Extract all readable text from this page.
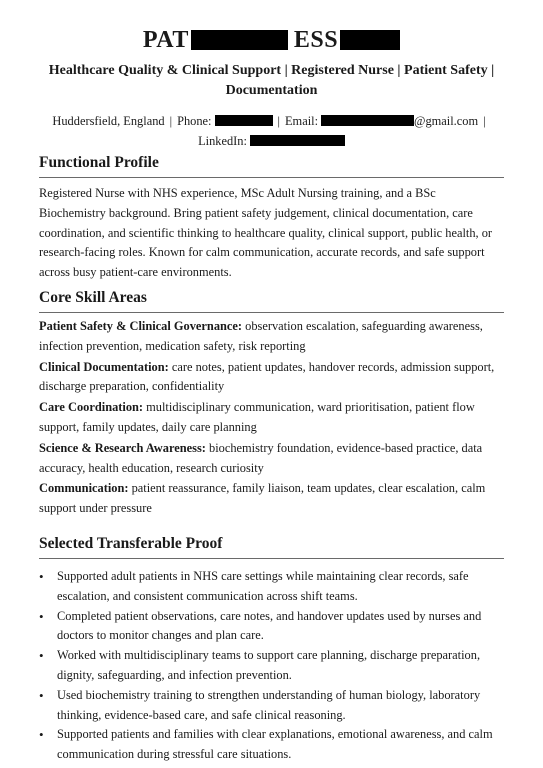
PAT	ESS
Healthcare Quality & Clinical Support | Registered Nurse | Patient Safety | Documentation
Huddersfield, England | Phone:	| Email:	@gmail.com |
LinkedIn:
Functional Profile
Registered Nurse with NHS experience, MSc Adult Nursing training, and a BSc Biochemistry background. Bring patient safety judgement, clinical documentation, care coordination, and scientific thinking to healthcare quality, clinical support, public health, or research-facing roles. Known for calm communication, accurate records, and safe support across busy patient-care environments.
Core Skill Areas
Patient Safety & Clinical Governance: observation escalation, safeguarding awareness, infection prevention, medication safety, risk reporting
Clinical Documentation: care notes, patient updates, handover records, admission support, discharge preparation, confidentiality
Care Coordination: multidisciplinary communication, ward prioritisation, patient flow support, family updates, daily care planning
Science & Research Awareness: biochemistry foundation, evidence-based practice, data accuracy, health education, research curiosity
Communication: patient reassurance, family liaison, team updates, clear escalation, calm support under pressure
Selected Transferable Proof
• Supported adult patients in NHS care settings while maintaining clear records, safe escalation, and consistent communication across shift teams.
• Completed patient observations, care notes, and handover updates used by nurses and doctors to monitor changes and plan care.
• Worked with multidisciplinary teams to support care planning, discharge preparation, dignity, safeguarding, and infection prevention.
• Used biochemistry training to strengthen understanding of human biology, laboratory thinking, evidence-based care, and safe clinical reasoning.
• Supported patients and families with clear explanations, emotional awareness, and calm communication during stressful care situations.
